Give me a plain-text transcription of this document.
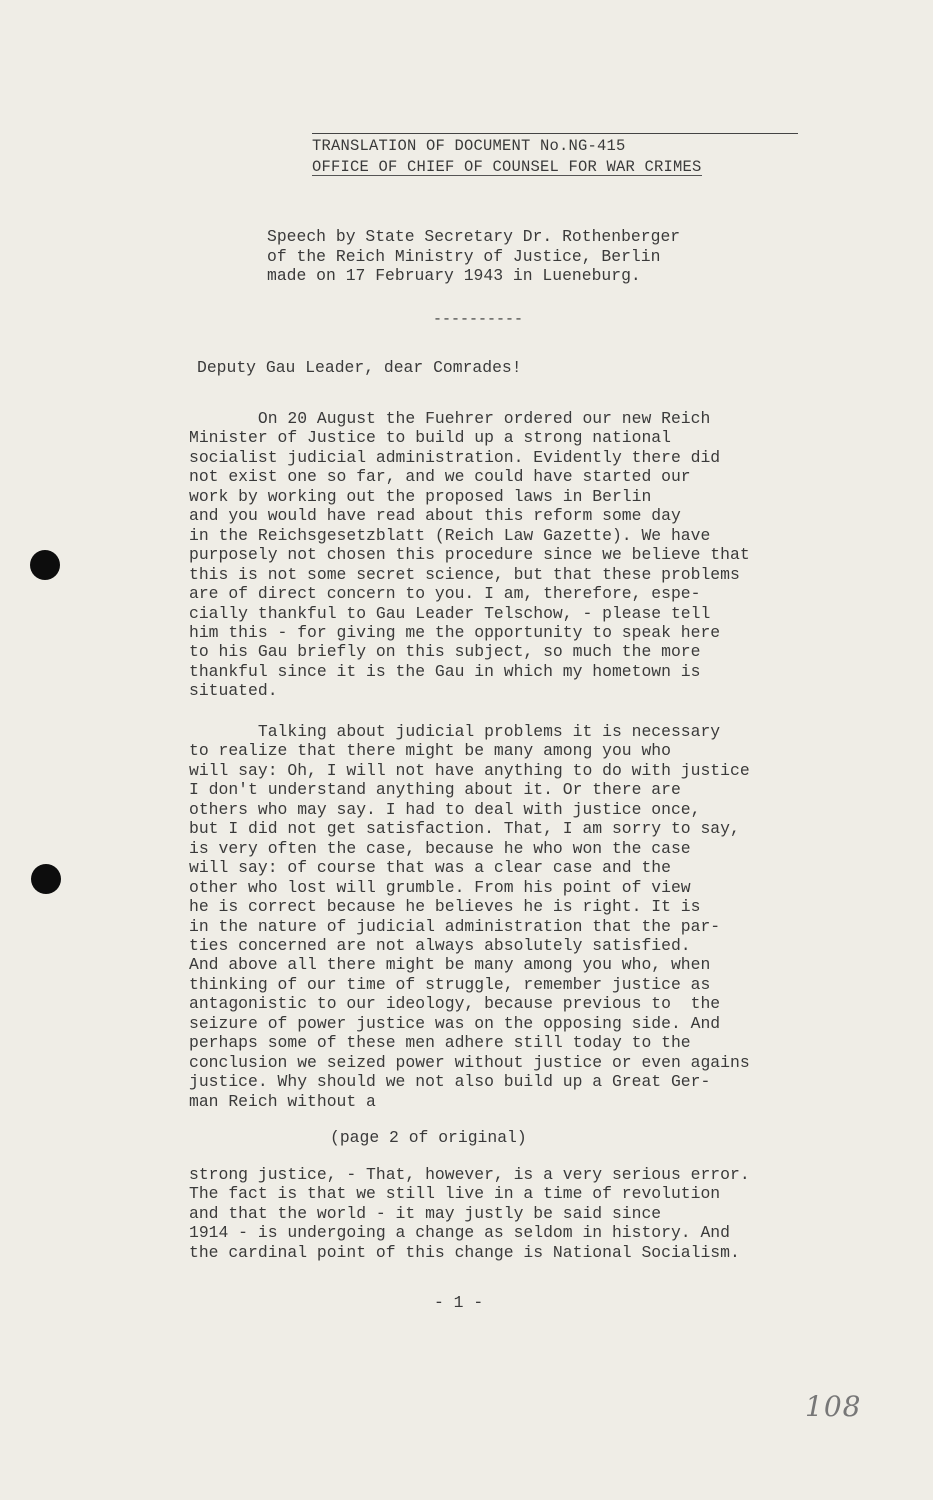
TRANSLATION OF DOCUMENT No.NG-415
OFFICE OF CHIEF OF COUNSEL FOR WAR CRIMES
Speech by State Secretary Dr. Rothenberger
of the Reich Ministry of Justice, Berlin
made on 17 February 1943 in Lueneburg.
----------
Deputy Gau Leader, dear Comrades!
On 20 August the Fuehrer ordered our new Reich
Minister of Justice to build up a strong national
socialist judicial administration. Evidently there did
not exist one so far, and we could have started our
work by working out the proposed laws in Berlin
and you would have read about this reform some day
in the Reichsgesetzblatt (Reich Law Gazette). We have
purposely not chosen this procedure since we believe that
this is not some secret science, but that these problems
are of direct concern to you. I am, therefore, espe-
cially thankful to Gau Leader Telschow, - please tell
him this - for giving me the opportunity to speak here
to his Gau briefly on this subject, so much the more
thankful since it is the Gau in which my hometown is
situated.
Talking about judicial problems it is necessary
to realize that there might be many among you who
will say: Oh, I will not have anything to do with justice
I don't understand anything about it. Or there are
others who may say. I had to deal with justice once,
but I did not get satisfaction. That, I am sorry to say,
is very often the case, because he who won the case
will say: of course that was a clear case and the
other who lost will grumble. From his point of view
he is correct because he believes he is right. It is
in the nature of judicial administration that the par-
ties concerned are not always absolutely satisfied.
And above all there might be many among you who, when
thinking of our time of struggle, remember justice as
antagonistic to our ideology, because previous to  the
seizure of power justice was on the opposing side. And
perhaps some of these men adhere still today to the
conclusion we seized power without justice or even agains
justice. Why should we not also build up a Great Ger-
man Reich without a
(page 2 of original)
strong justice, - That, however, is a very serious error.
The fact is that we still live in a time of revolution
and that the world - it may justly be said since
1914 - is undergoing a change as seldom in history. And
the cardinal point of this change is National Socialism.
- 1 -
108
